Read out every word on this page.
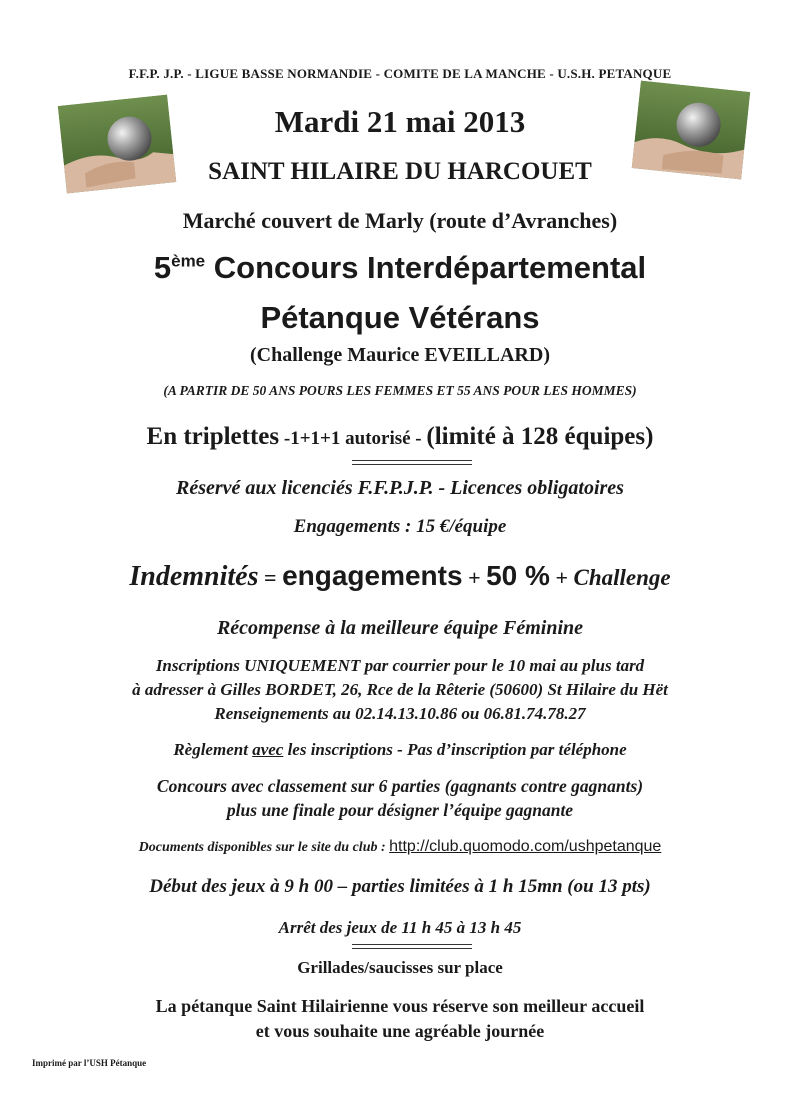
F.F.P. J.P. - LIGUE BASSE NORMANDIE - COMITE DE LA MANCHE - U.S.H. PETANQUE
Mardi 21 mai 2013
SAINT HILAIRE DU HARCOUET
Marché couvert de Marly (route d’Avranches)
5ème Concours Interdépartemental
Pétanque Vétérans
(Challenge Maurice EVEILLARD)
(A PARTIR DE 50 ANS POURS LES FEMMES ET 55 ANS POUR LES HOMMES)
En triplettes -1+1+1 autorisé - (limité à 128 équipes)
Réservé aux licenciés F.F.P.J.P. - Licences obligatoires
Engagements : 15 €/équipe
Indemnités = engagements + 50 % + Challenge
Récompense à la meilleure équipe Féminine
Inscriptions UNIQUEMENT par courrier pour le 10 mai au plus tard
à adresser à Gilles BORDET, 26, Rce de la Rêterie (50600) St Hilaire du Hët
Renseignements au 02.14.13.10.86 ou 06.81.74.78.27
Règlement avec les inscriptions - Pas d’inscription par téléphone
Concours avec classement sur 6 parties (gagnants contre gagnants)
plus une finale pour désigner l’équipe gagnante
Documents disponibles sur le site du club : http://club.quomodo.com/ushpetanque
Début des jeux à 9 h 00 – parties limitées à 1 h 15mn (ou 13 pts)
Arrêt des jeux de 11 h 45 à 13 h 45
Grillades/saucisses sur place
La pétanque Saint Hilairienne vous réserve son meilleur accueil
et vous souhaite une agréable journée
Imprimé par l’USH Pétanque
